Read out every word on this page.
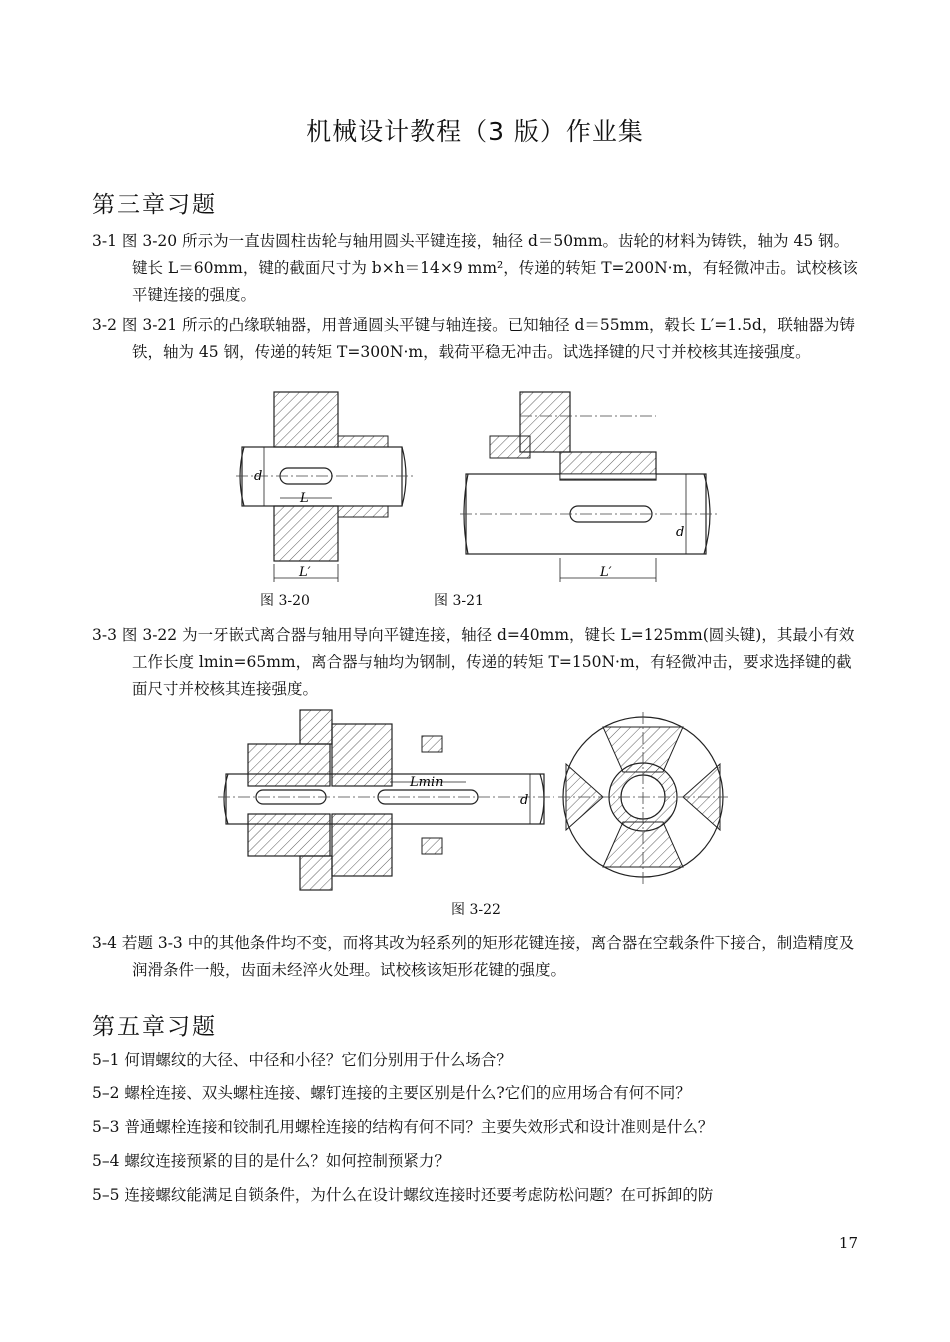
机械设计教程（3 版）作业集
第三章习题
3-1 图 3-20 所示为一直齿圆柱齿轮与轴用圆头平键连接，轴径 d＝50mm。齿轮的材料为铸铁，轴为 45 钢。键长 L＝60mm，键的截面尺寸为 b×h＝14×9 mm²，传递的转矩 T=200N·m，有轻微冲击。试校核该平键连接的强度。
3-2 图 3-21 所示的凸缘联轴器，用普通圆头平键与轴连接。已知轴径 d＝55mm，毂长 L′=1.5d，联轴器为铸铁，轴为 45 钢，传递的转矩 T=300N·m，载荷平稳无冲击。试选择键的尺寸并校核其连接强度。
d
L
L′
图 3-20
d
L′
图 3-21
3-3 图 3-22 为一牙嵌式离合器与轴用导向平键连接，轴径 d=40mm，键长 L=125mm(圆头键)，其最小有效工作长度 lmin=65mm，离合器与轴均为钢制，传递的转矩 T=150N·m，有轻微冲击，要求选择键的截面尺寸并校核其连接强度。
Lmin
d
图 3-22
3-4 若题 3-3 中的其他条件均不变，而将其改为轻系列的矩形花键连接，离合器在空载条件下接合，制造精度及润滑条件一般，齿面未经淬火处理。试校核该矩形花键的强度。
第五章习题
5–1 何谓螺纹的大径、中径和小径？它们分别用于什么场合？
5–2 螺栓连接、双头螺柱连接、螺钉连接的主要区别是什么?它们的应用场合有何不同？
5–3 普通螺栓连接和铰制孔用螺栓连接的结构有何不同？主要失效形式和设计准则是什么？
5–4 螺纹连接预紧的目的是什么？如何控制预紧力？
5–5 连接螺纹能满足自锁条件，为什么在设计螺纹连接时还要考虑防松问题？在可拆卸的防
17
